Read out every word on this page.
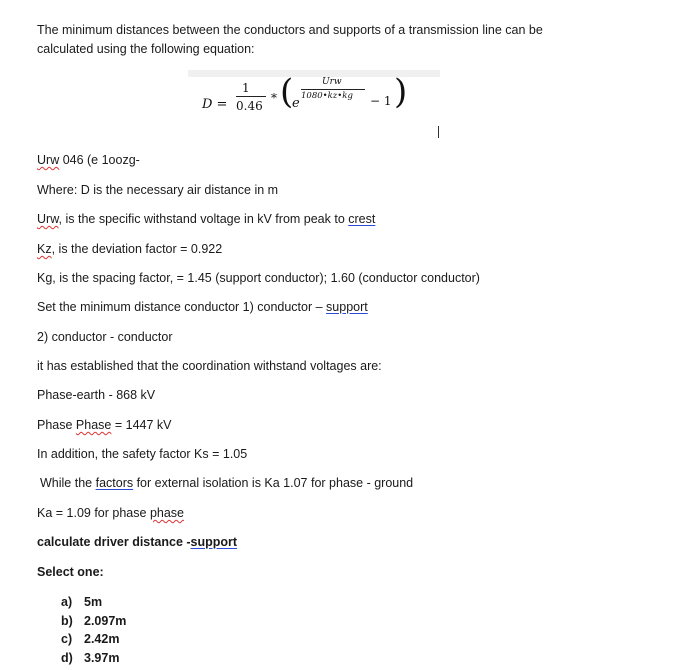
The minimum distances between the conductors and supports of a transmission line can be
calculated using the following equation:
D =
1
0.46
* (
e
Urw
1080•kz•kg − 1 )
Urw 046 (e 1oozg-
Where: D is the necessary air distance in m
Urw, is the specific withstand voltage in kV from peak to crest
Kz, is the deviation factor = 0.922
Kg, is the spacing factor, = 1.45 (support conductor); 1.60 (conductor conductor)
Set the minimum distance conductor 1) conductor – support
2) conductor - conductor
it has established that the coordination withstand voltages are:
Phase-earth - 868 kV
Phase Phase = 1447 kV
In addition, the safety factor Ks = 1.05
While the factors for external isolation is Ka 1.07 for phase - ground
Ka = 1.09 for phase phase
calculate driver distance -support
Select one:
a) 5m
b) 2.097m
c) 2.42m
d) 3.97m
